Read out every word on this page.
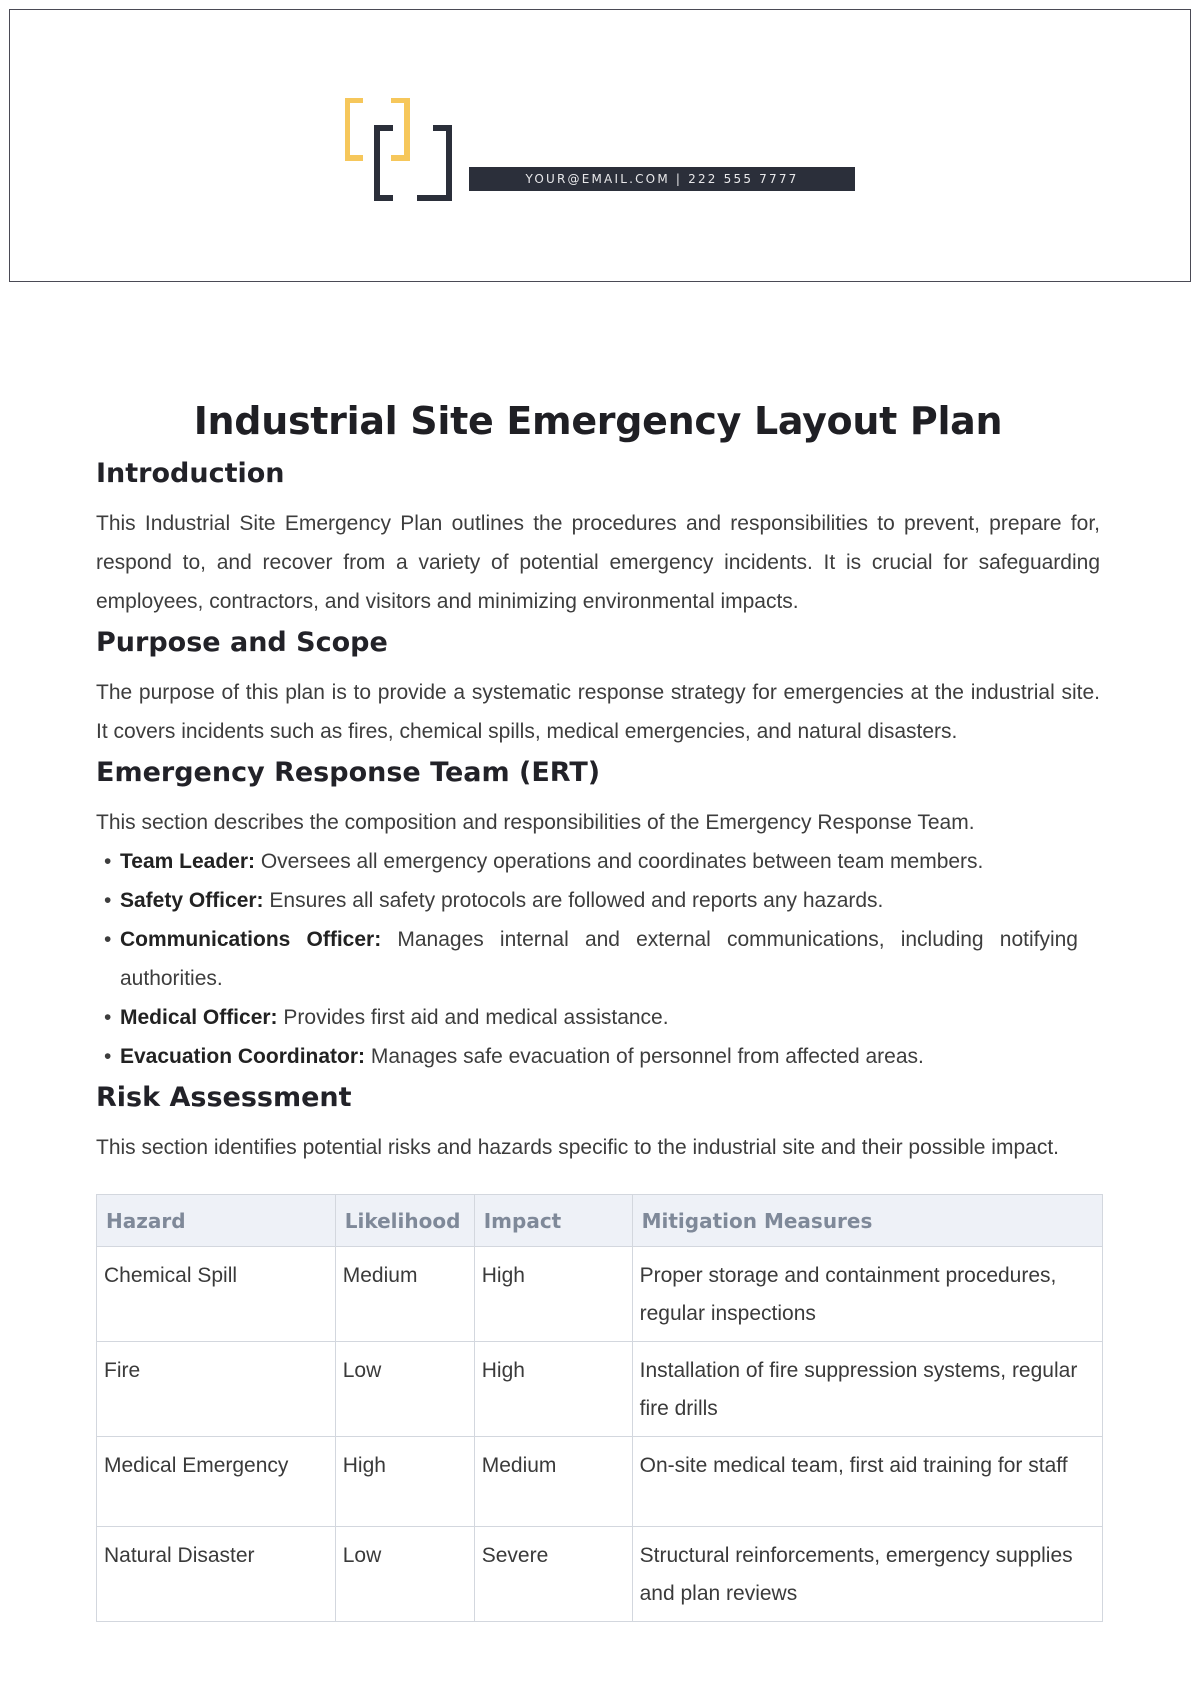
YOUR@EMAIL.COM | 222 555 7777
Industrial Site Emergency Layout Plan
Introduction

This Industrial Site Emergency Plan outlines the procedures and responsibilities to prevent, prepare for, respond to, and recover from a variety of potential emergency incidents. It is crucial for safeguarding employees, contractors, and visitors and minimizing environmental impacts.

Purpose and Scope

The purpose of this plan is to provide a systematic response strategy for emergencies at the industrial site. It covers incidents such as fires, chemical spills, medical emergencies, and natural disasters.

Emergency Response Team (ERT)

This section describes the composition and responsibilities of the Emergency Response Team.

• Team Leader: Oversees all emergency operations and coordinates between team members.
• Safety Officer: Ensures all safety protocols are followed and reports any hazards.
• Communications Officer: Manages internal and external communications, including notifying authorities.
• Medical Officer: Provides first aid and medical assistance.
• Evacuation Coordinator: Manages safe evacuation of personnel from affected areas.
Risk Assessment

This section identifies potential risks and hazards specific to the industrial site and their possible impact.

Hazard	Likelihood	Impact	Mitigation Measures
Chemical Spill	Medium	High	Proper storage and containment procedures, regular inspections
Fire	Low	High	Installation of fire suppression systems, regular fire drills
Medical Emergency	High	Medium	On-site medical team, first aid training for staff
Natural Disaster	Low	Severe	Structural reinforcements, emergency supplies and plan reviews
